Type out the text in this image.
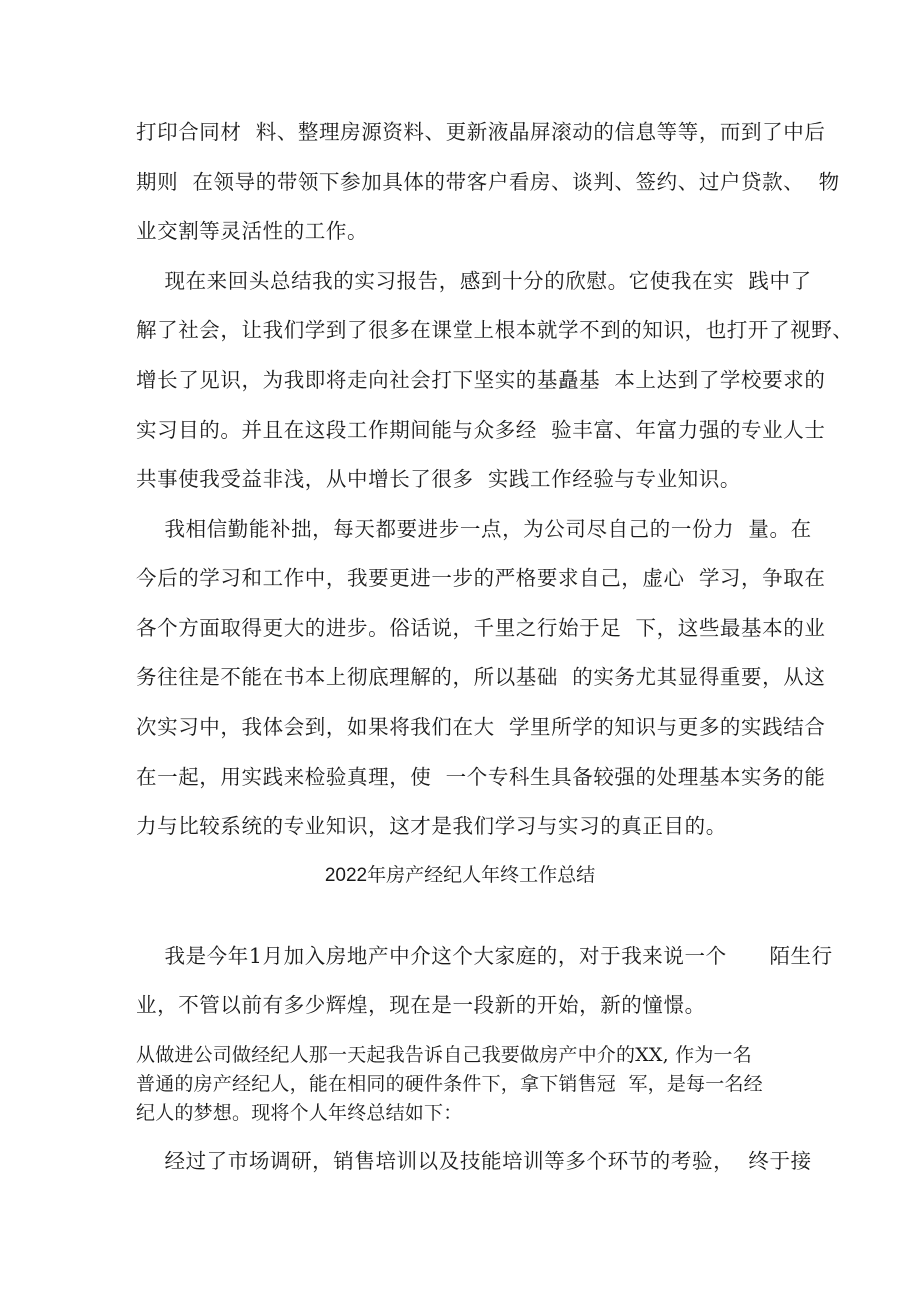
打印合同材  料、整理房源资料、更新液晶屏滚动的信息等等，而到了中后
期则  在领导的带领下参加具体的带客户看房、谈判、签约、过户贷款、  物
业交割等灵活性的工作。
现在来回头总结我的实习报告，感到十分的欣慰。它使我在实  践中了
解了社会，让我们学到了很多在课堂上根本就学不到的知识，也打开了视野、
增长了见识，为我即将走向社会打下坚实的基矗基  本上达到了学校要求的
实习目的。并且在这段工作期间能与众多经  验丰富、年富力强的专业人士
共事使我受益非浅，从中增长了很多  实践工作经验与专业知识。
我相信勤能补拙，每天都要进步一点，为公司尽自己的一份力  量。在
今后的学习和工作中，我要更进一步的严格要求自己，虚心  学习，争取在
各个方面取得更大的进步。俗话说，千里之行始于足  下，这些最基本的业
务往往是不能在书本上彻底理解的，所以基础  的实务尤其显得重要，从这
次实习中，我体会到，如果将我们在大  学里所学的知识与更多的实践结合
在一起，用实践来检验真理，使  一个专科生具备较强的处理基本实务的能
力与比较系统的专业知识，这才是我们学习与实习的真正目的。
2022年房产经纪人年终工作总结
我是今年1月加入房地产中介这个大家庭的，对于我来说一个      陌生行
业，不管以前有多少辉煌，现在是一段新的开始，新的憧憬。
从做进公司做经纪人那一天起我告诉自己我要做房产中介的XX, 作为一名
普通的房产经纪人，能在相同的硬件条件下，拿下销售冠  军，是每一名经
纪人的梦想。现将个人年终总结如下：
经过了市场调研，销售培训以及技能培训等多个环节的考验，  终于接
